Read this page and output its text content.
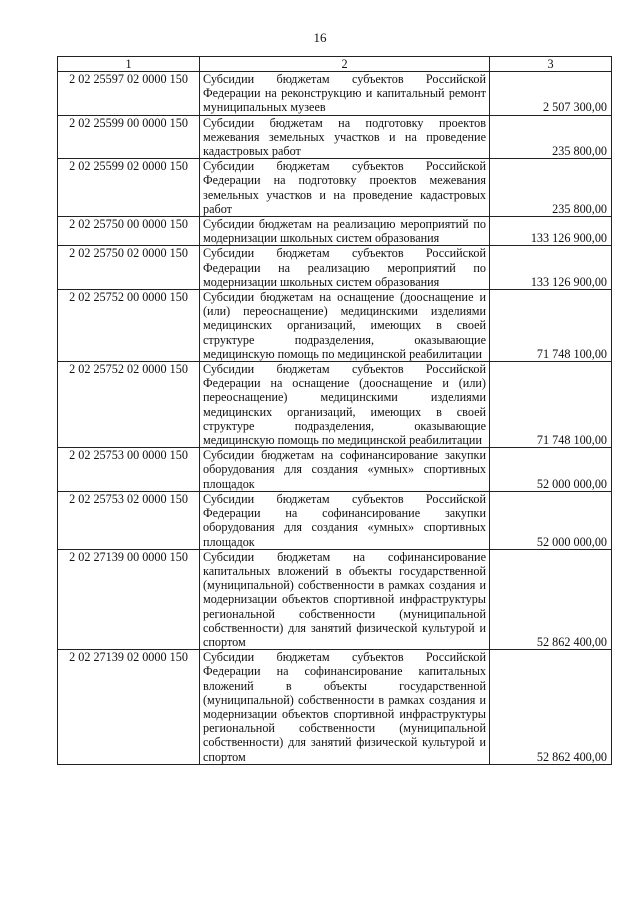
16
1	2	3
2 02 25597 02 0000 150	Субсидии бюджетам субъектов Российской Федерации на реконструкцию и капитальный ремонт муниципальных музеев	2 507 300,00
2 02 25599 00 0000 150	Субсидии бюджетам на подготовку проектов межевания земельных участков и на проведение кадастровых работ	235 800,00
2 02 25599 02 0000 150	Субсидии бюджетам субъектов Российской Федерации на подготовку проектов межевания земельных участков и на проведение кадастровых работ	235 800,00
2 02 25750 00 0000 150	Субсидии бюджетам на реализацию мероприятий по модернизации школьных систем образования	133 126 900,00
2 02 25750 02 0000 150	Субсидии бюджетам субъектов Российской Федерации на реализацию мероприятий по модернизации школьных систем образования	133 126 900,00
2 02 25752 00 0000 150	Субсидии бюджетам на оснащение (дооснащение и (или) переоснащение) медицинскими изделиями медицинских организаций, имеющих в своей структуре подразделения, оказывающие медицинскую помощь по медицинской реабилитации	71 748 100,00
2 02 25752 02 0000 150	Субсидии бюджетам субъектов Российской Федерации на оснащение (дооснащение и (или) переоснащение) медицинскими изделиями медицинских организаций, имеющих в своей структуре подразделения, оказывающие медицинскую помощь по медицинской реабилитации	71 748 100,00
2 02 25753 00 0000 150	Субсидии бюджетам на софинансирование закупки оборудования для создания «умных» спортивных площадок	52 000 000,00
2 02 25753 02 0000 150	Субсидии бюджетам субъектов Российской Федерации на софинансирование закупки оборудования для создания «умных» спортивных площадок	52 000 000,00
2 02 27139 00 0000 150	Субсидии бюджетам на софинансирование капитальных вложений в объекты государственной (муниципальной) собственности в рамках создания и модернизации объектов спортивной инфраструктуры региональной собственности (муниципальной собственности) для занятий физической культурой и спортом	52 862 400,00
2 02 27139 02 0000 150	Субсидии бюджетам субъектов Российской Федерации на софинансирование капитальных вложений в объекты государственной (муниципальной) собственности в рамках создания и модернизации объектов спортивной инфраструктуры региональной собственности (муниципальной собственности) для занятий физической культурой и спортом	52 862 400,00
